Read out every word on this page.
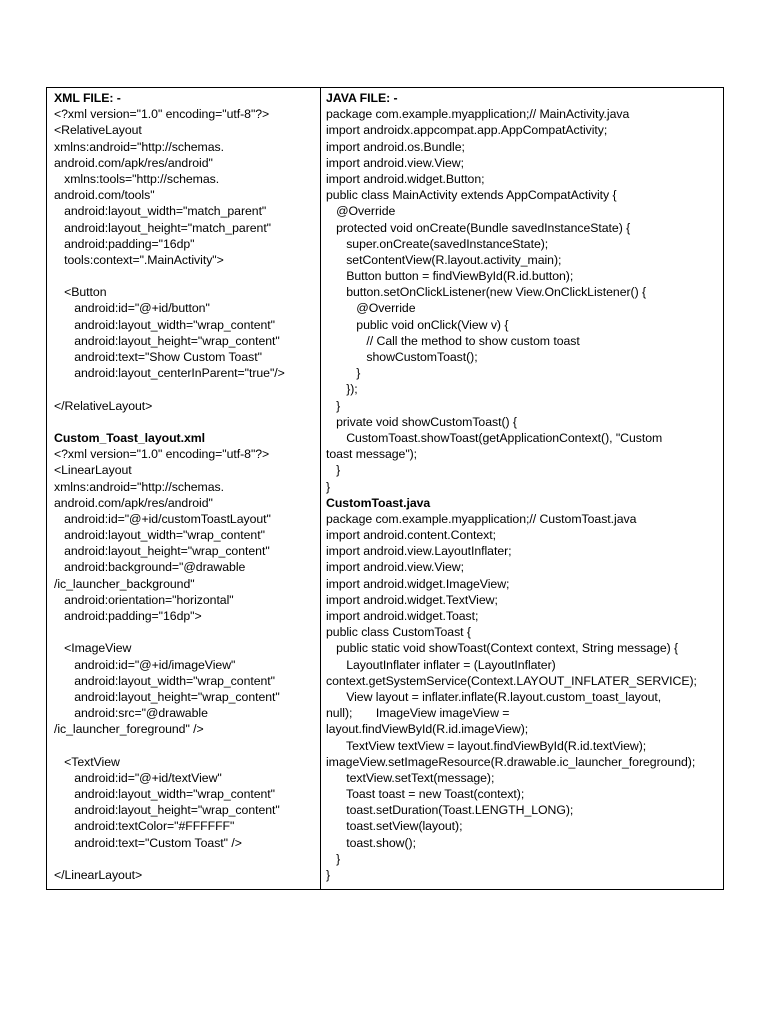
XML FILE: -
<?xml version="1.0" encoding="utf-8"?>
<RelativeLayout
xmlns:android="http://schemas.
android.com/apk/res/android"
xmlns:tools="http://schemas.
android.com/tools"
android:layout_width="match_parent"
android:layout_height="match_parent"
android:padding="16dp"
tools:context=".MainActivity">
<Button
android:id="@+id/button"
android:layout_width="wrap_content"
android:layout_height="wrap_content"
android:text="Show Custom Toast"
android:layout_centerInParent="true"/>
</RelativeLayout>
Custom_Toast_layout.xml
<?xml version="1.0" encoding="utf-8"?>
<LinearLayout
xmlns:android="http://schemas.
android.com/apk/res/android"
android:id="@+id/customToastLayout"
android:layout_width="wrap_content"
android:layout_height="wrap_content"
android:background="@drawable
/ic_launcher_background"
android:orientation="horizontal"
android:padding="16dp">
<ImageView
android:id="@+id/imageView"
android:layout_width="wrap_content"
android:layout_height="wrap_content"
android:src="@drawable
/ic_launcher_foreground" />
<TextView
android:id="@+id/textView"
android:layout_width="wrap_content"
android:layout_height="wrap_content"
android:textColor="#FFFFFF"
android:text="Custom Toast" />
</LinearLayout>
JAVA FILE: -
package com.example.myapplication;// MainActivity.java
import androidx.appcompat.app.AppCompatActivity;
import android.os.Bundle;
import android.view.View;
import android.widget.Button;
public class MainActivity extends AppCompatActivity {
@Override
protected void onCreate(Bundle savedInstanceState) {
super.onCreate(savedInstanceState);
setContentView(R.layout.activity_main);
Button button = findViewById(R.id.button);
button.setOnClickListener(new View.OnClickListener() {
@Override
public void onClick(View v) {
// Call the method to show custom toast
showCustomToast();
}
});
}
private void showCustomToast() {
CustomToast.showToast(getApplicationContext(), "Custom
toast message");
}
}
CustomToast.java
package com.example.myapplication;// CustomToast.java
import android.content.Context;
import android.view.LayoutInflater;
import android.view.View;
import android.widget.ImageView;
import android.widget.TextView;
import android.widget.Toast;
public class CustomToast {
public static void showToast(Context context, String message) {
LayoutInflater inflater = (LayoutInflater)
context.getSystemService(Context.LAYOUT_INFLATER_SERVICE);
View layout = inflater.inflate(R.layout.custom_toast_layout,
null);       ImageView imageView =
layout.findViewById(R.id.imageView);
TextView textView = layout.findViewById(R.id.textView);
imageView.setImageResource(R.drawable.ic_launcher_foreground);
textView.setText(message);
Toast toast = new Toast(context);
toast.setDuration(Toast.LENGTH_LONG);
toast.setView(layout);
toast.show();
}
}
